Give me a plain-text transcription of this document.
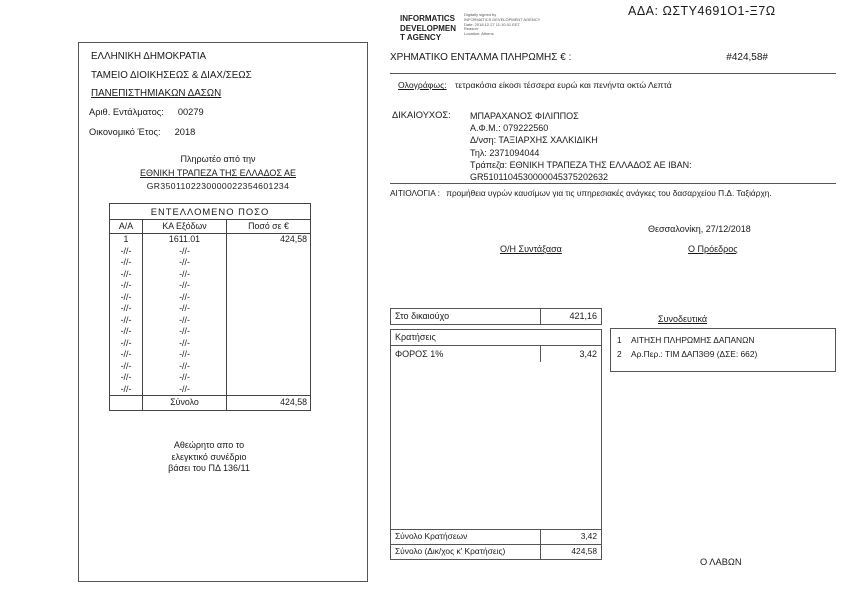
ΑΔΑ: ΩΣΤΥ4691Ο1-Ξ7Ω
INFORMATICS
DEVELOPMEN
T AGENCY
Digitally signed by
INFORMATICS DEVELOPMENT AGENCY
Date: 2018.12.27 11:10:31 EET
Reason:
Location: Athens
ΕΛΛΗΝΙΚΗ ΔΗΜΟΚΡΑΤΙΑ
ΤΑΜΕΙΟ ΔΙΟΙΚΗΣΕΩΣ & ΔΙΑΧ/ΣΕΩΣ
ΠΑΝΕΠΙΣΤΗΜΙΑΚΩΝ ΔΑΣΩΝ
Αριθ. Εντάλματος: 00279
Οικονομικό Έτος: 2018
Πληρωτέο από την
ΕΘΝΙΚΗ ΤΡΑΠΕΖΑ ΤΗΣ ΕΛΛΑΔΟΣ ΑΕ
GR3501102230000022354601234
ΕΝΤΕΛΛΟΜΕΝΟ ΠΟΣΟ		
Α/Α	ΚΑ Εξόδων	Ποσό σε €
1	1611.01	424,58
-//-	-//-	
-//-	-//-	
-//-	-//-	
-//-	-//-	
-//-	-//-	
-//-	-//-	
-//-	-//-	
-//-	-//-	
-//-	-//-	
-//-	-//-	
-//-	-//-	
-//-	-//-	
-//-	-//-	
	Σύνολο	424,58
Αθεώρητο απο το
ελεγκτικό συνέδριο
βάσει του ΠΔ 136/11
ΧΡΗΜΑΤΙΚΟ ΕΝΤΑΛΜΑ ΠΛΗΡΩΜΗΣ € :	#424,58#
Ολογράφως: τετρακόσια είκοσι τέσσερα ευρώ και πενήντα οκτώ Λεπτά
ΔΙΚΑΙΟΥΧΟΣ: ΜΠΑΡΑΧΑΝΟΣ ΦΙΛΙΠΠΟΣ
Α.Φ.Μ.: 079222560
Δ/νση: ΤΑΞΙΑΡΧΗΣ ΧΑΛΚΙΔΙΚΗ
Τηλ: 2371094044
Τράπεζα: ΕΘΝΙΚΗ ΤΡΑΠΕΖΑ ΤΗΣ ΕΛΛΑΔΟΣ ΑΕ ΙΒΑΝ:
GR5101104530000045375202632
ΑΙΤΙΟΛΟΓΙΑ : προμήθεια υγρών καυσίμων για τις υπηρεσιακές ανάγκες του δασαρχείου Π.Δ. Ταξιάρχη.
Θεσσαλονίκη, 27/12/2018
Ο/Η Συντάξασα	Ο Πρόεδρος
Στο δικαιούχο	421,16
Κρατήσεις
ΦΟΡΟΣ 1%	3,42
Σύνολο Κρατήσεων	3,42
Σύνολο (Δικ/χος κ' Κρατήσεις)	424,58
Συνοδευτικά
1	ΑΙΤΗΣΗ ΠΛΗΡΩΜΗΣ ΔΑΠΑΝΩΝ
2	Αρ.Περ.: ΤΙΜ ΔΑΠ3Θ9 (ΔΣΕ: 662)
Ο ΛΑΒΩΝ
